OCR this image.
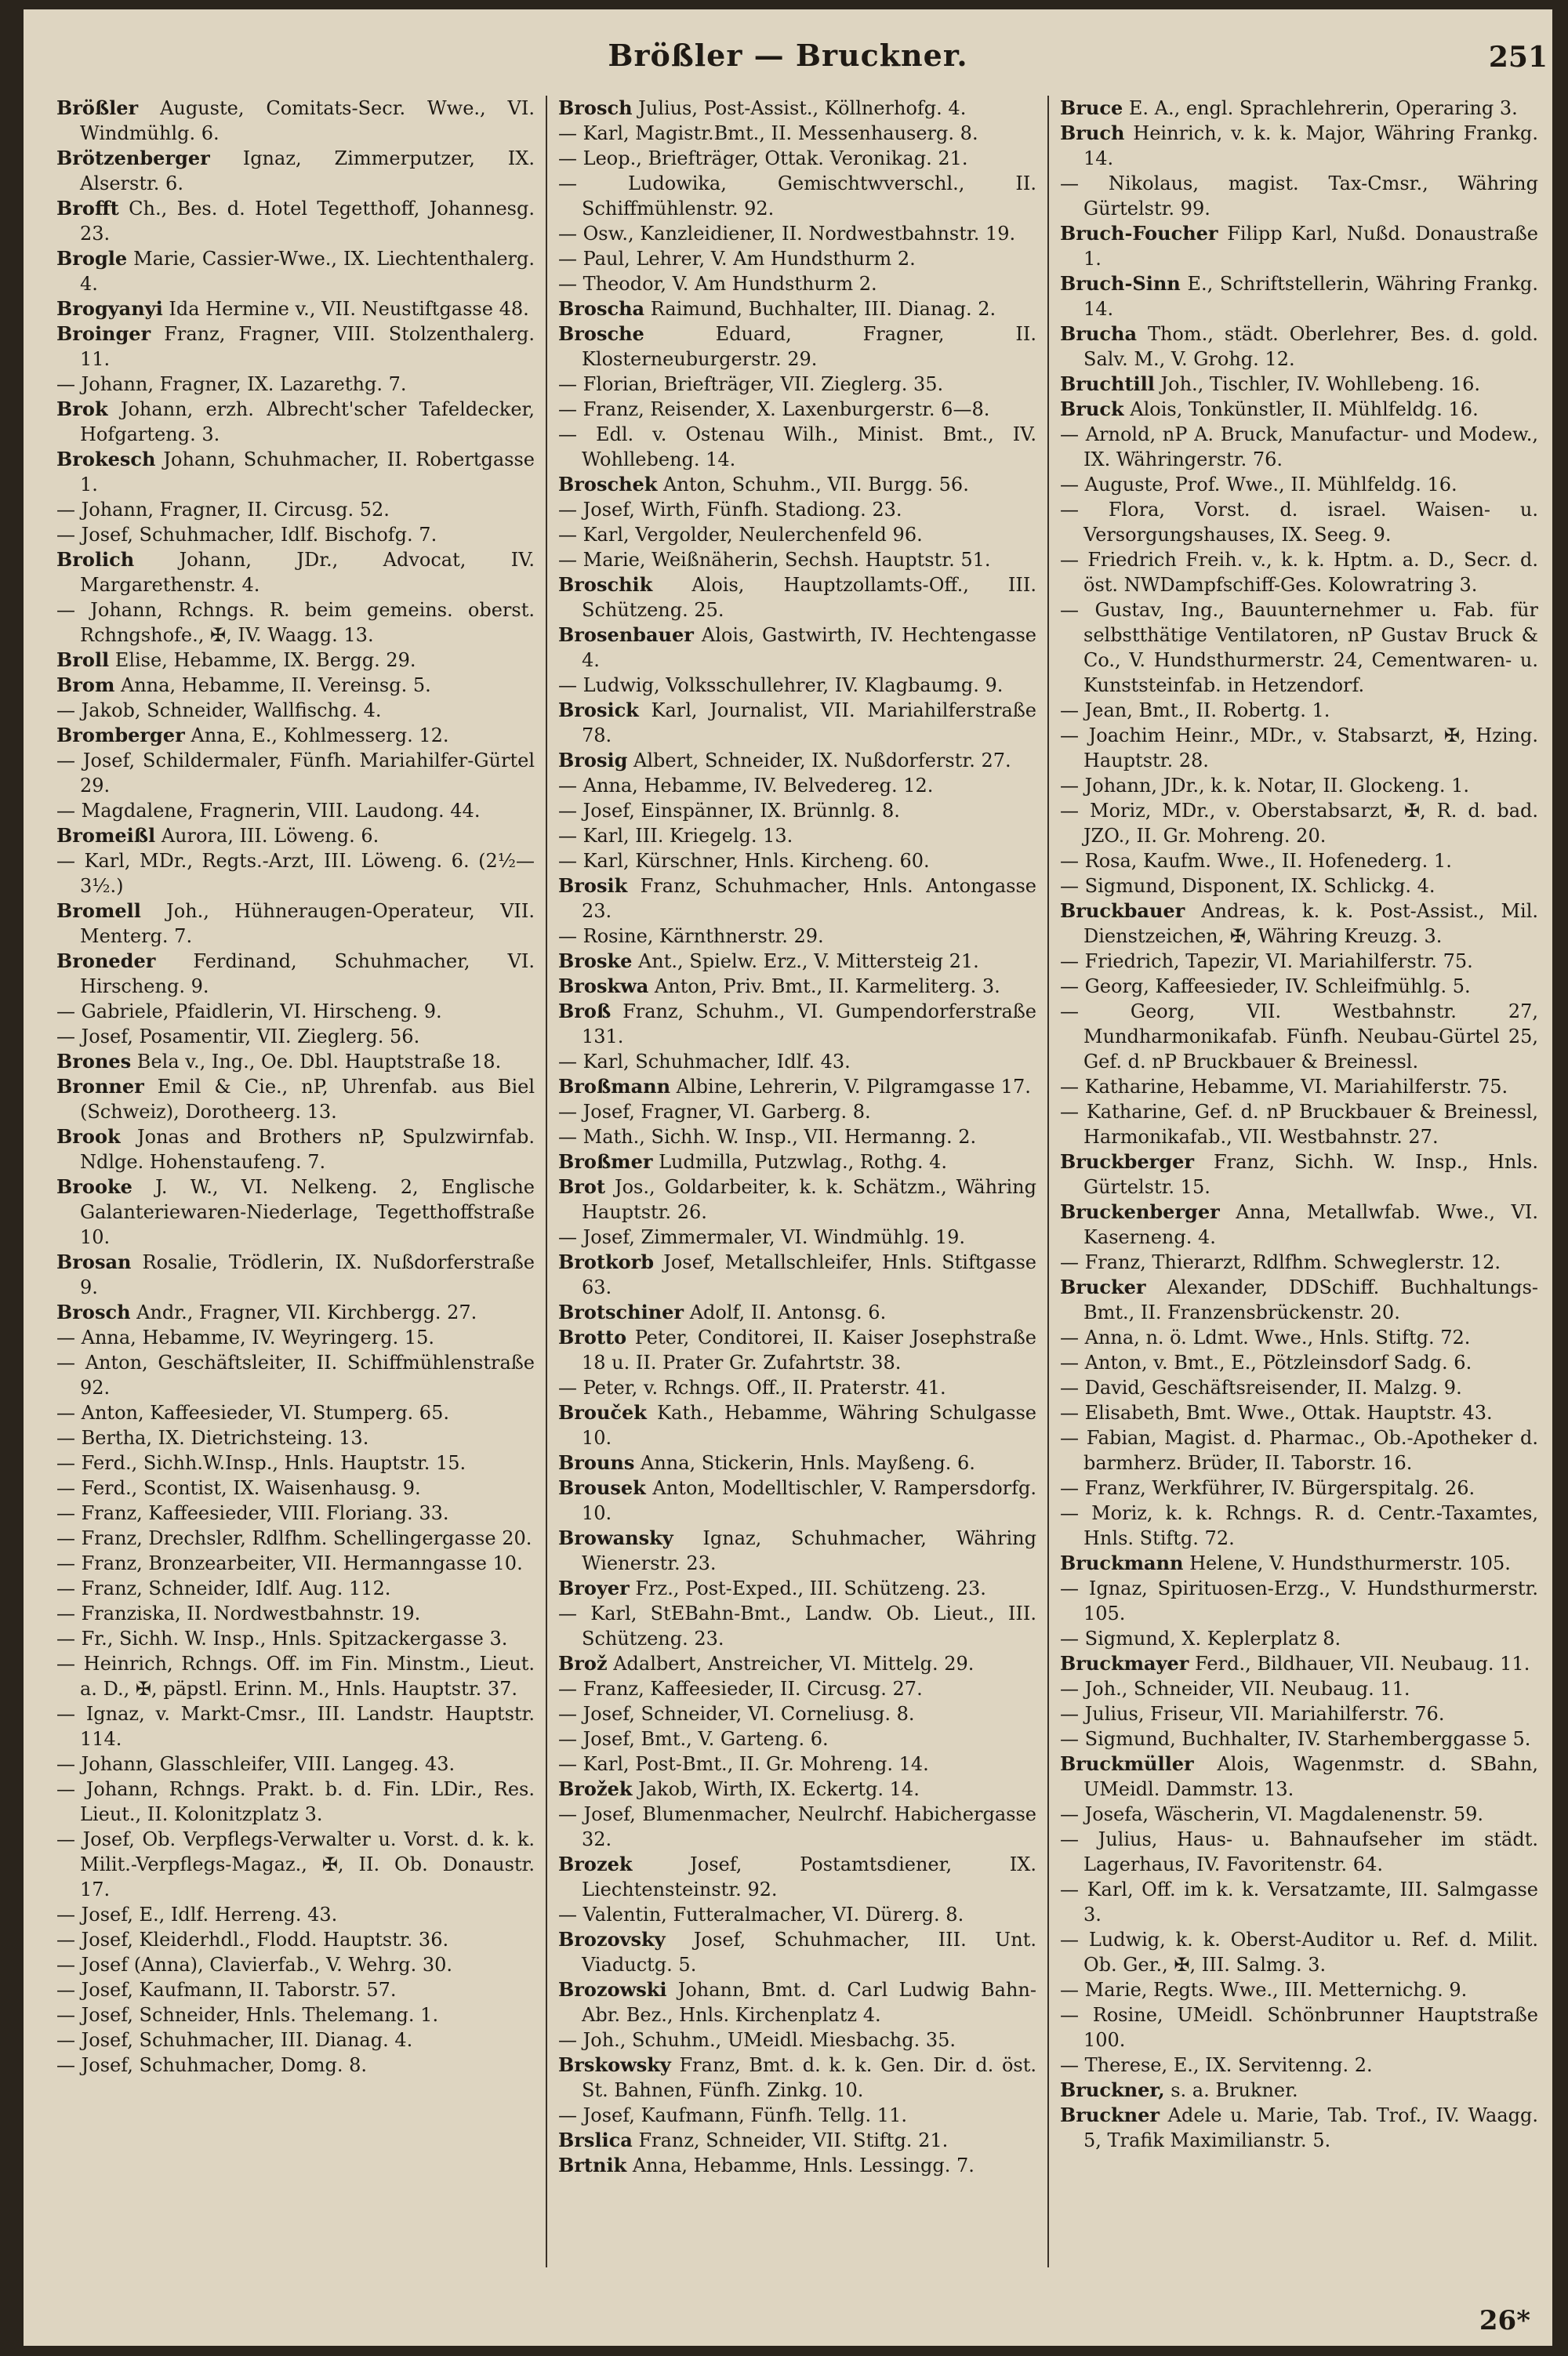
Brößler — Bruckner.	251

Brößler Auguste, Comitats-Secr. Wwe., VI. Windmühlg. 6.

Brötzenberger Ignaz, Zimmerputzer, IX. Alserstr. 6.

Brofft Ch., Bes. d. Hotel Tegetthoff, Johannesg. 23.

Brogle Marie, Cassier-Wwe., IX. Liechtenthalerg. 4.

Brogyanyi Ida Hermine v., VII. Neustiftgasse 48.

Broinger Franz, Fragner, VIII. Stolzenthalerg. 11.

— Johann, Fragner, IX. Lazarethg. 7.

Brok Johann, erzh. Albrecht'scher Tafeldecker, Hofgarteng. 3.

Brokesch Johann, Schuhmacher, II. Robertgasse 1.

— Johann, Fragner, II. Circusg. 52.

— Josef, Schuhmacher, Idlf. Bischofg. 7.

Brolich Johann, JDr., Advocat, IV. Margarethenstr. 4.

— Johann, Rchngs. R. beim gemeins. oberst. Rchngshofe., ✠, IV. Waagg. 13.

Broll Elise, Hebamme, IX. Bergg. 29.

Brom Anna, Hebamme, II. Vereinsg. 5.

— Jakob, Schneider, Wallfischg. 4.

Bromberger Anna, E., Kohlmesserg. 12.

— Josef, Schildermaler, Fünfh. Mariahilfer-Gürtel 29.

— Magdalene, Fragnerin, VIII. Laudong. 44.

Bromeißl Aurora, III. Löweng. 6.

— Karl, MDr., Regts.-Arzt, III. Löweng. 6. (2½—3½.)

Bromell Joh., Hühneraugen-Operateur, VII. Menterg. 7.

Broneder Ferdinand, Schuhmacher, VI. Hirscheng. 9.

— Gabriele, Pfaidlerin, VI. Hirscheng. 9.

— Josef, Posamentir, VII. Zieglerg. 56.

Brones Bela v., Ing., Oe. Dbl. Hauptstraße 18.

Bronner Emil & Cie., nP, Uhrenfab. aus Biel (Schweiz), Dorotheerg. 13.

Brook Jonas and Brothers nP, Spulzwirnfab. Ndlge. Hohenstaufeng. 7.

Brooke J. W., VI. Nelkeng. 2, Englische Galanteriewaren-Niederlage, Tegetthoffstraße 10.

Brosan Rosalie, Trödlerin, IX. Nußdorferstraße 9.

Brosch Andr., Fragner, VII. Kirchbergg. 27.

— Anna, Hebamme, IV. Weyringerg. 15.

— Anton, Geschäftsleiter, II. Schiffmühlenstraße 92.

— Anton, Kaffeesieder, VI. Stumperg. 65.

— Bertha, IX. Dietrichsteing. 13.

— Ferd., Sichh.W.Insp., Hnls. Hauptstr. 15.

— Ferd., Scontist, IX. Waisenhausg. 9.

— Franz, Kaffeesieder, VIII. Floriang. 33.

— Franz, Drechsler, Rdlfhm. Schellingergasse 20.

— Franz, Bronzearbeiter, VII. Hermanngasse 10.

— Franz, Schneider, Idlf. Aug. 112.

— Franziska, II. Nordwestbahnstr. 19.

— Fr., Sichh. W. Insp., Hnls. Spitzackergasse 3.

— Heinrich, Rchngs. Off. im Fin. Minstm., Lieut. a. D., ✠, päpstl. Erinn. M., Hnls. Hauptstr. 37.

— Ignaz, v. Markt-Cmsr., III. Landstr. Hauptstr. 114.

— Johann, Glasschleifer, VIII. Langeg. 43.

— Johann, Rchngs. Prakt. b. d. Fin. LDir., Res. Lieut., II. Kolonitzplatz 3.

— Josef, Ob. Verpflegs-Verwalter u. Vorst. d. k. k. Milit.-Verpflegs-Magaz., ✠, II. Ob. Donaustr. 17.

— Josef, E., Idlf. Herreng. 43.

— Josef, Kleiderhdl., Flodd. Hauptstr. 36.

— Josef (Anna), Clavierfab., V. Wehrg. 30.

— Josef, Kaufmann, II. Taborstr. 57.

— Josef, Schneider, Hnls. Thelemang. 1.

— Josef, Schuhmacher, III. Dianag. 4.

— Josef, Schuhmacher, Domg. 8.

Brosch Julius, Post-Assist., Köllnerhofg. 4.

— Karl, Magistr.Bmt., II. Messenhauserg. 8.

— Leop., Briefträger, Ottak. Veronikag. 21.

— Ludowika, Gemischtwverschl., II. Schiffmühlenstr. 92.

— Osw., Kanzleidiener, II. Nordwestbahnstr. 19.

— Paul, Lehrer, V. Am Hundsthurm 2.

— Theodor, V. Am Hundsthurm 2.

Broscha Raimund, Buchhalter, III. Dianag. 2.

Brosche Eduard, Fragner, II. Klosterneuburgerstr. 29.

— Florian, Briefträger, VII. Zieglerg. 35.

— Franz, Reisender, X. Laxenburgerstr. 6—8.

— Edl. v. Ostenau Wilh., Minist. Bmt., IV. Wohllebeng. 14.

Broschek Anton, Schuhm., VII. Burgg. 56.

— Josef, Wirth, Fünfh. Stadiong. 23.

— Karl, Vergolder, Neulerchenfeld 96.

— Marie, Weißnäherin, Sechsh. Hauptstr. 51.

Broschik Alois, Hauptzollamts-Off., III. Schützeng. 25.

Brosenbauer Alois, Gastwirth, IV. Hechtengasse 4.

— Ludwig, Volksschullehrer, IV. Klagbaumg. 9.

Brosick Karl, Journalist, VII. Mariahilferstraße 78.

Brosig Albert, Schneider, IX. Nußdorferstr. 27.

— Anna, Hebamme, IV. Belvedereg. 12.

— Josef, Einspänner, IX. Brünnlg. 8.

— Karl, III. Kriegelg. 13.

— Karl, Kürschner, Hnls. Kircheng. 60.

Brosik Franz, Schuhmacher, Hnls. Antongasse 23.

— Rosine, Kärnthnerstr. 29.

Broske Ant., Spielw. Erz., V. Mittersteig 21.

Broskwa Anton, Priv. Bmt., II. Karmeliterg. 3.

Broß Franz, Schuhm., VI. Gumpendorferstraße 131.

— Karl, Schuhmacher, Idlf. 43.

Broßmann Albine, Lehrerin, V. Pilgramgasse 17.

— Josef, Fragner, VI. Garberg. 8.

— Math., Sichh. W. Insp., VII. Hermanng. 2.

Broßmer Ludmilla, Putzwlag., Rothg. 4.

Brot Jos., Goldarbeiter, k. k. Schätzm., Währing Hauptstr. 26.

— Josef, Zimmermaler, VI. Windmühlg. 19.

Brotkorb Josef, Metallschleifer, Hnls. Stiftgasse 63.

Brotschiner Adolf, II. Antonsg. 6.

Brotto Peter, Conditorei, II. Kaiser Josephstraße 18 u. II. Prater Gr. Zufahrtstr. 38.

— Peter, v. Rchngs. Off., II. Praterstr. 41.

Brouček Kath., Hebamme, Währing Schulgasse 10.

Brouns Anna, Stickerin, Hnls. Mayßeng. 6.

Brousek Anton, Modelltischler, V. Rampersdorfg. 10.

Browansky Ignaz, Schuhmacher, Währing Wienerstr. 23.

Broyer Frz., Post-Exped., III. Schützeng. 23.

— Karl, StEBahn-Bmt., Landw. Ob. Lieut., III. Schützeng. 23.

Brož Adalbert, Anstreicher, VI. Mittelg. 29.

— Franz, Kaffeesieder, II. Circusg. 27.

— Josef, Schneider, VI. Corneliusg. 8.

— Josef, Bmt., V. Garteng. 6.

— Karl, Post-Bmt., II. Gr. Mohreng. 14.

Brožek Jakob, Wirth, IX. Eckertg. 14.

— Josef, Blumenmacher, Neulrchf. Habichergasse 32.

Brozek Josef, Postamtsdiener, IX. Liechtensteinstr. 92.

— Valentin, Futteralmacher, VI. Dürerg. 8.

Brozovsky Josef, Schuhmacher, III. Unt. Viaductg. 5.

Brozowski Johann, Bmt. d. Carl Ludwig Bahn-Abr. Bez., Hnls. Kirchenplatz 4.

— Joh., Schuhm., UMeidl. Miesbachg. 35.

Brskowsky Franz, Bmt. d. k. k. Gen. Dir. d. öst. St. Bahnen, Fünfh. Zinkg. 10.

— Josef, Kaufmann, Fünfh. Tellg. 11.

Brslica Franz, Schneider, VII. Stiftg. 21.

Brtnik Anna, Hebamme, Hnls. Lessingg. 7.

Bruce E. A., engl. Sprachlehrerin, Operaring 3.

Bruch Heinrich, v. k. k. Major, Währing Frankg. 14.

— Nikolaus, magist. Tax-Cmsr., Währing Gürtelstr. 99.

Bruch-Foucher Filipp Karl, Nußd. Donaustraße 1.

Bruch-Sinn E., Schriftstellerin, Währing Frankg. 14.

Brucha Thom., städt. Oberlehrer, Bes. d. gold. Salv. M., V. Grohg. 12.

Bruchtill Joh., Tischler, IV. Wohllebeng. 16.

Bruck Alois, Tonkünstler, II. Mühlfeldg. 16.

— Arnold, nP A. Bruck, Manufactur- und Modew., IX. Währingerstr. 76.

— Auguste, Prof. Wwe., II. Mühlfeldg. 16.

— Flora, Vorst. d. israel. Waisen- u. Versorgungshauses, IX. Seeg. 9.

— Friedrich Freih. v., k. k. Hptm. a. D., Secr. d. öst. NWDampfschiff-Ges. Kolowratring 3.

— Gustav, Ing., Bauunternehmer u. Fab. für selbstthätige Ventilatoren, nP Gustav Bruck & Co., V. Hundsthurmerstr. 24, Cementwaren- u. Kunststeinfab. in Hetzendorf.

— Jean, Bmt., II. Robertg. 1.

— Joachim Heinr., MDr., v. Stabsarzt, ✠, Hzing. Hauptstr. 28.

— Johann, JDr., k. k. Notar, II. Glockeng. 1.

— Moriz, MDr., v. Oberstabsarzt, ✠, R. d. bad. JZO., II. Gr. Mohreng. 20.

— Rosa, Kaufm. Wwe., II. Hofenederg. 1.

— Sigmund, Disponent, IX. Schlickg. 4.

Bruckbauer Andreas, k. k. Post-Assist., Mil. Dienstzeichen, ✠, Währing Kreuzg. 3.

— Friedrich, Tapezir, VI. Mariahilferstr. 75.

— Georg, Kaffeesieder, IV. Schleifmühlg. 5.

— Georg, VII. Westbahnstr. 27, Mundharmonikafab. Fünfh. Neubau-Gürtel 25, Gef. d. nP Bruckbauer & Breinessl.

— Katharine, Hebamme, VI. Mariahilferstr. 75.

— Katharine, Gef. d. nP Bruckbauer & Breinessl, Harmonikafab., VII. Westbahnstr. 27.

Bruckberger Franz, Sichh. W. Insp., Hnls. Gürtelstr. 15.

Bruckenberger Anna, Metallwfab. Wwe., VI. Kaserneng. 4.

— Franz, Thierarzt, Rdlfhm. Schweglerstr. 12.

Brucker Alexander, DDSchiff. Buchhaltungs-Bmt., II. Franzensbrückenstr. 20.

— Anna, n. ö. Ldmt. Wwe., Hnls. Stiftg. 72.

— Anton, v. Bmt., E., Pötzleinsdorf Sadg. 6.

— David, Geschäftsreisender, II. Malzg. 9.

— Elisabeth, Bmt. Wwe., Ottak. Hauptstr. 43.

— Fabian, Magist. d. Pharmac., Ob.-Apotheker d. barmherz. Brüder, II. Taborstr. 16.

— Franz, Werkführer, IV. Bürgerspitalg. 26.

— Moriz, k. k. Rchngs. R. d. Centr.-Taxamtes, Hnls. Stiftg. 72.

Bruckmann Helene, V. Hundsthurmerstr. 105.

— Ignaz, Spirituosen-Erzg., V. Hundsthurmerstr. 105.

— Sigmund, X. Keplerplatz 8.

Bruckmayer Ferd., Bildhauer, VII. Neubaug. 11.

— Joh., Schneider, VII. Neubaug. 11.

— Julius, Friseur, VII. Mariahilferstr. 76.

— Sigmund, Buchhalter, IV. Starhemberggasse 5.

Bruckmüller Alois, Wagenmstr. d. SBahn, UMeidl. Dammstr. 13.

— Josefa, Wäscherin, VI. Magdalenenstr. 59.

— Julius, Haus- u. Bahnaufseher im städt. Lagerhaus, IV. Favoritenstr. 64.

— Karl, Off. im k. k. Versatzamte, III. Salmgasse 3.

— Ludwig, k. k. Oberst-Auditor u. Ref. d. Milit. Ob. Ger., ✠, III. Salmg. 3.

— Marie, Regts. Wwe., III. Metternichg. 9.

— Rosine, UMeidl. Schönbrunner Hauptstraße 100.

— Therese, E., IX. Servitenng. 2.

Bruckner, s. a. Brukner.

Bruckner Adele u. Marie, Tab. Trof., IV. Waagg. 5, Trafik Maximilianstr. 5.

26*
